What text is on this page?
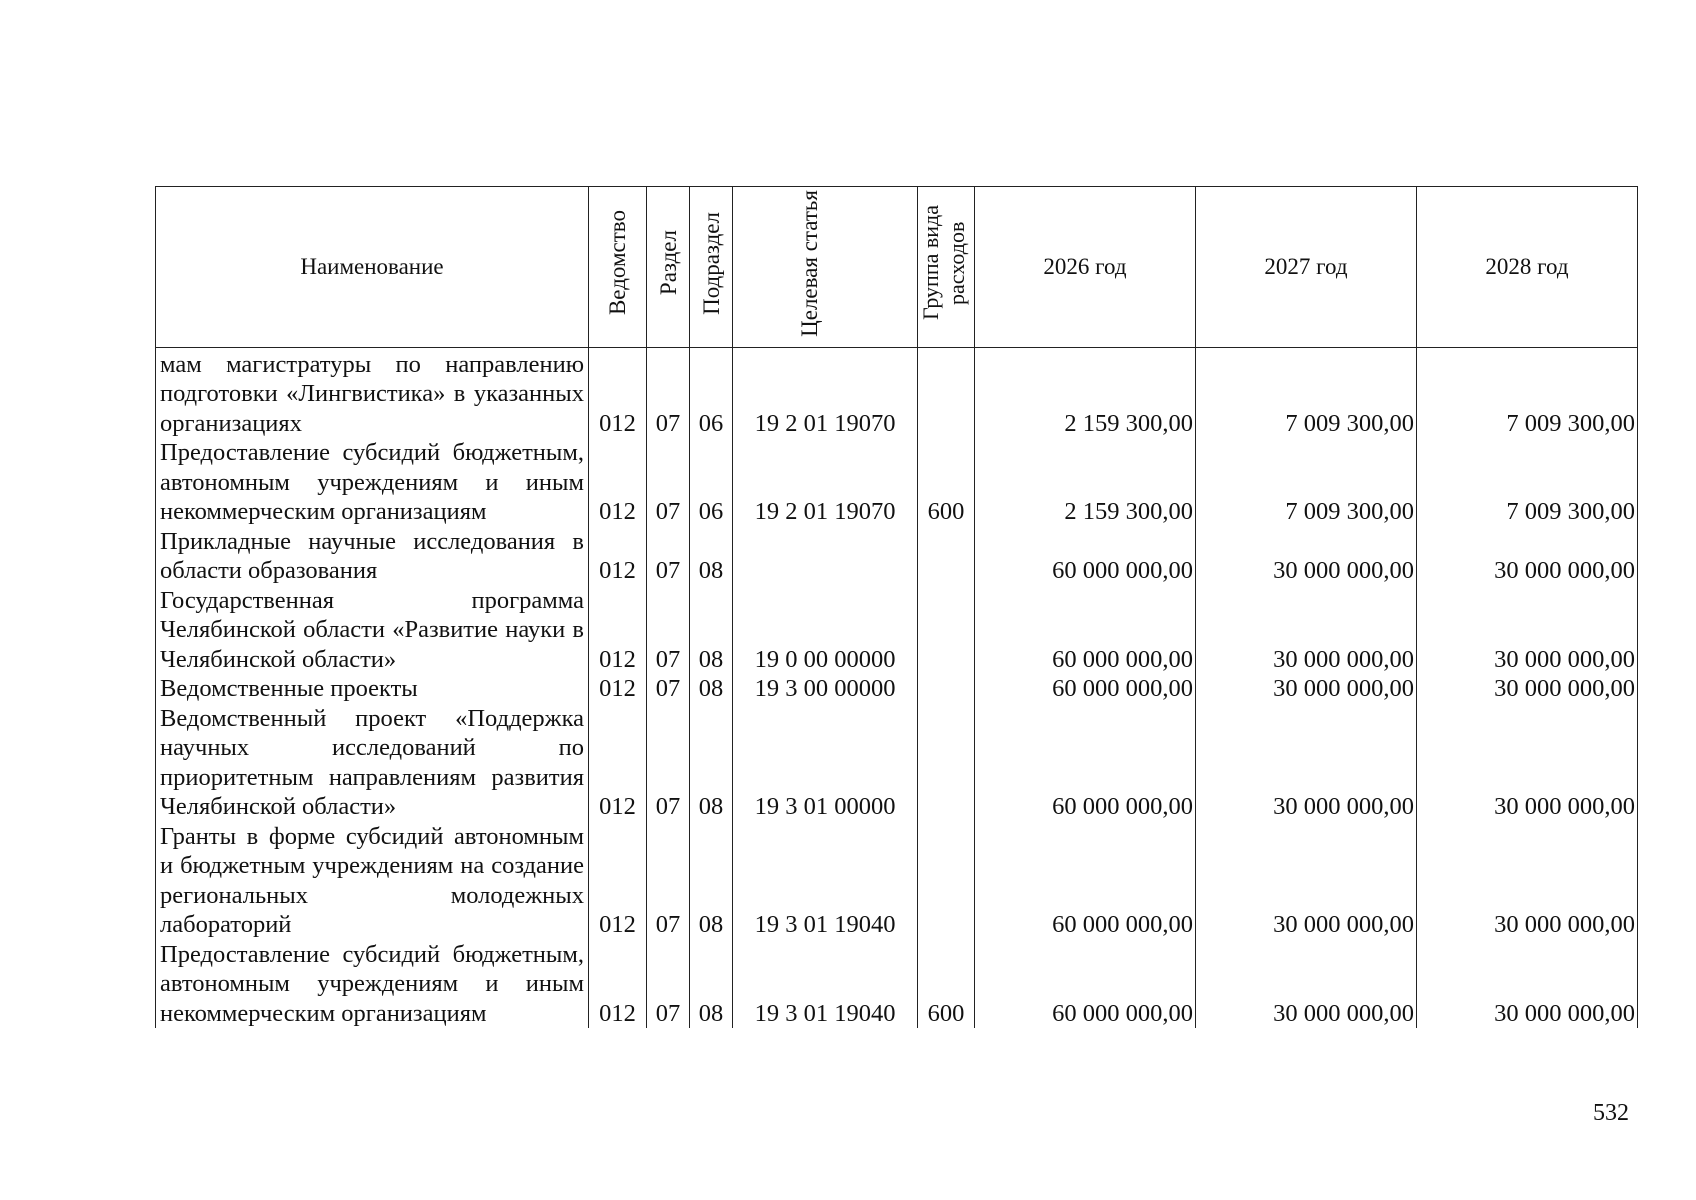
Наименование	Ведомство	Раздел	Подраздел	Целевая статья	Группа вида расходов	2026 год	2027 год	2028 год
мам магистратуры по направлению подготовки «Лингвистика» в указанных организациях	012	07	06	19 2 01 19070		2 159 300,00	7 009 300,00	7 009 300,00
Предоставление субсидий бюджетным, автономным учреждениям и иным некоммерческим организациям	012	07	06	19 2 01 19070	600	2 159 300,00	7 009 300,00	7 009 300,00
Прикладные научные исследования в области образования	012	07	08			60 000 000,00	30 000 000,00	30 000 000,00
Государственная программа Челябинской области «Развитие науки в Челябинской области»	012	07	08	19 0 00 00000		60 000 000,00	30 000 000,00	30 000 000,00
Ведомственные проекты	012	07	08	19 3 00 00000		60 000 000,00	30 000 000,00	30 000 000,00
Ведомственный проект «Поддержка научных исследований по приоритетным направлениям развития Челябинской области»	012	07	08	19 3 01 00000		60 000 000,00	30 000 000,00	30 000 000,00
Гранты в форме субсидий автономным и бюджетным учреждениям на создание региональных молодежных лабораторий	012	07	08	19 3 01 19040		60 000 000,00	30 000 000,00	30 000 000,00
Предоставление субсидий бюджетным, автономным учреждениям и иным некоммерческим организациям	012	07	08	19 3 01 19040	600	60 000 000,00	30 000 000,00	30 000 000,00
532
